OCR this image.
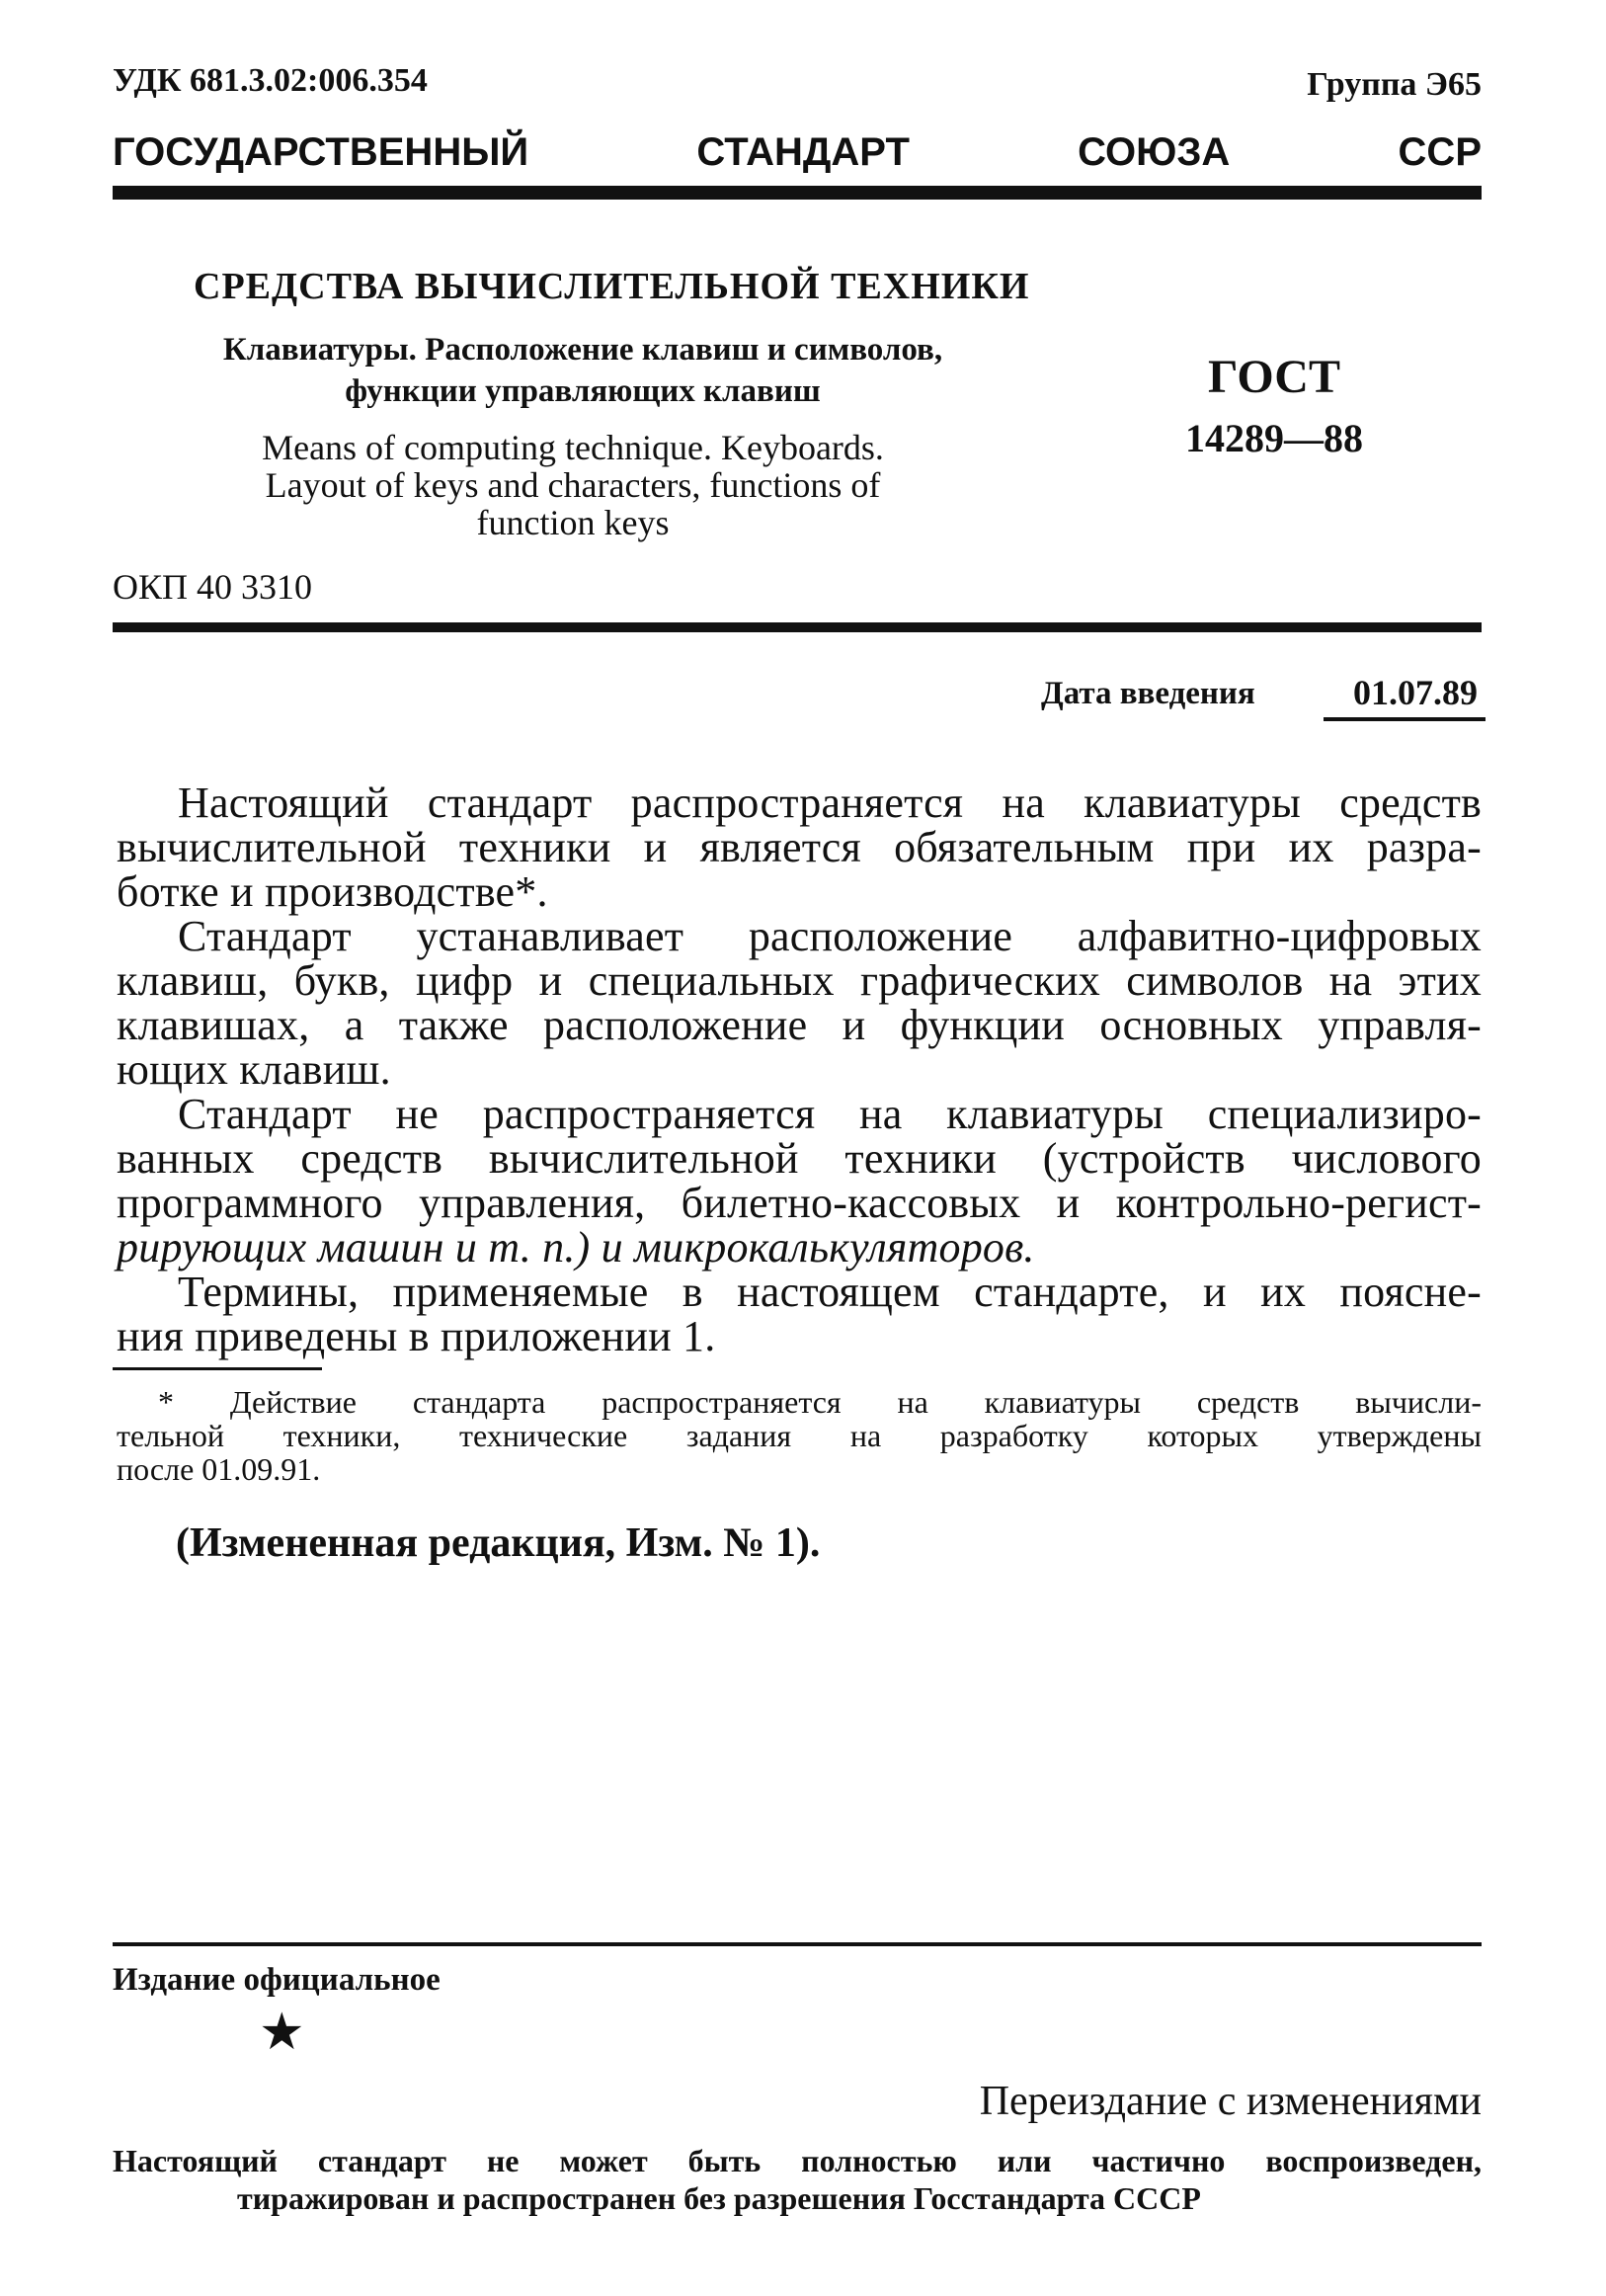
УДК 681.3.02:006.354	Группа Э65
ГОСУДАРСТВЕННЫЙ СТАНДАРТ СОЮЗА ССР
СРЕДСТВА ВЫЧИСЛИТЕЛЬНОЙ ТЕХНИКИ
Клавиатуры. Расположение клавиш и символов,
функции управляющих клавиш
Means of computing technique. Keyboards.
Layout of keys and characters, functions of
function keys
ГОСТ
14289—88
ОКП 40 3310
Дата введения	01.07.89
Настоящий стандарт распространяется на клавиатуры средств
вычислительной техники и является обязательным при их разра-
ботке и производстве*.
Стандарт устанавливает расположение алфавитно-цифровых
клавиш, букв, цифр и специальных графических символов на этих
клавишах, а также расположение и функции основных управля-
ющих клавиш.
Стандарт не распространяется на клавиатуры специализиро-
ванных средств вычислительной техники (устройств числового
программного управления, билетно-кассовых и контрольно-регист-
рирующих машин и т. п.) и микрокалькуляторов.
Термины, применяемые в настоящем стандарте, и их поясне-
ния приведены в приложении 1.
* Действие стандарта распространяется на клавиатуры средств вычисли-
тельной техники, технические задания на разработку которых утверждены
после 01.09.91.
(Измененная редакция, Изм. № 1).
Издание официальное
★
Переиздание с изменениями
Настоящий стандарт не может быть полностью или частично воспроизведен,
тиражирован и распространен без разрешения Госстандарта СССР
